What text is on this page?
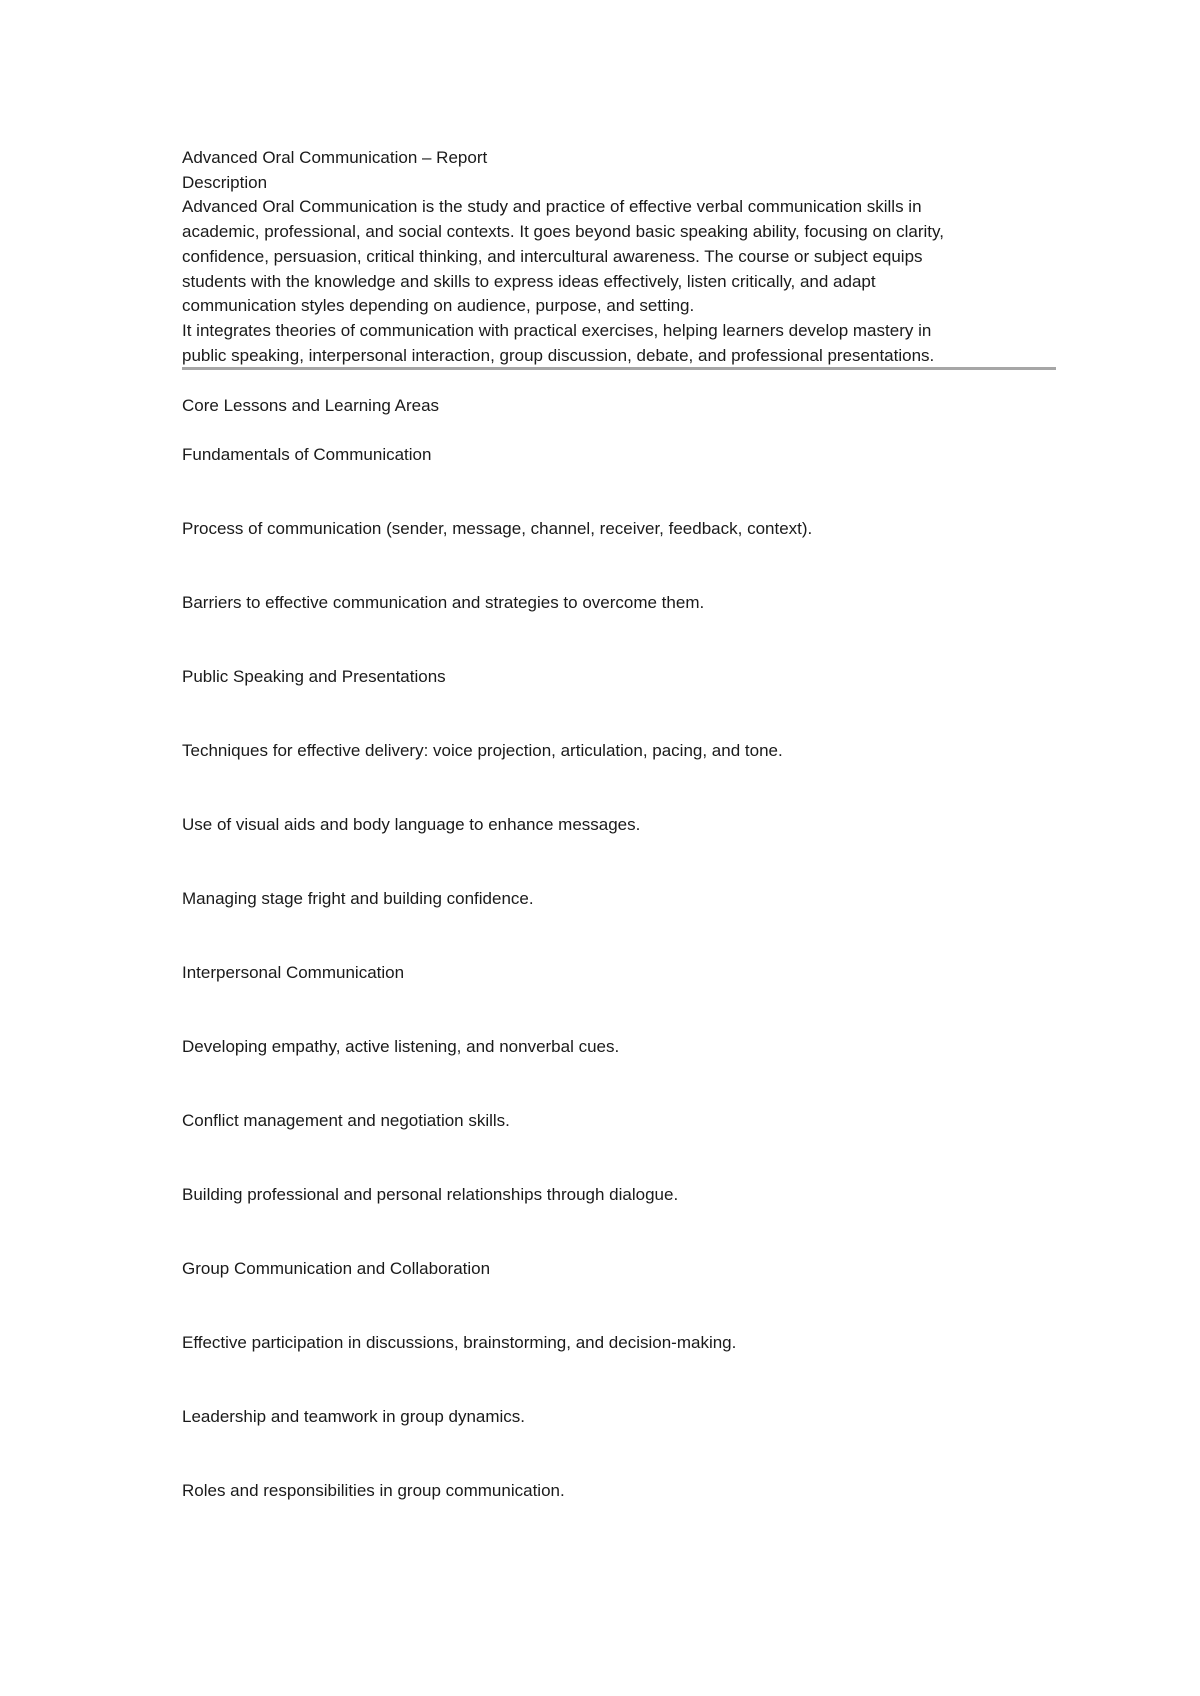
Advanced Oral Communication – Report
Description
Advanced Oral Communication is the study and practice of effective verbal communication skills in
academic, professional, and social contexts. It goes beyond basic speaking ability, focusing on clarity,
confidence, persuasion, critical thinking, and intercultural awareness. The course or subject equips
students with the knowledge and skills to express ideas effectively, listen critically, and adapt
communication styles depending on audience, purpose, and setting.
It integrates theories of communication with practical exercises, helping learners develop mastery in
public speaking, interpersonal interaction, group discussion, debate, and professional presentations.
Core Lessons and Learning Areas
Fundamentals of Communication
Process of communication (sender, message, channel, receiver, feedback, context).
Barriers to effective communication and strategies to overcome them.
Public Speaking and Presentations
Techniques for effective delivery: voice projection, articulation, pacing, and tone.
Use of visual aids and body language to enhance messages.
Managing stage fright and building confidence.
Interpersonal Communication
Developing empathy, active listening, and nonverbal cues.
Conflict management and negotiation skills.
Building professional and personal relationships through dialogue.
Group Communication and Collaboration
Effective participation in discussions, brainstorming, and decision-making.
Leadership and teamwork in group dynamics.
Roles and responsibilities in group communication.
